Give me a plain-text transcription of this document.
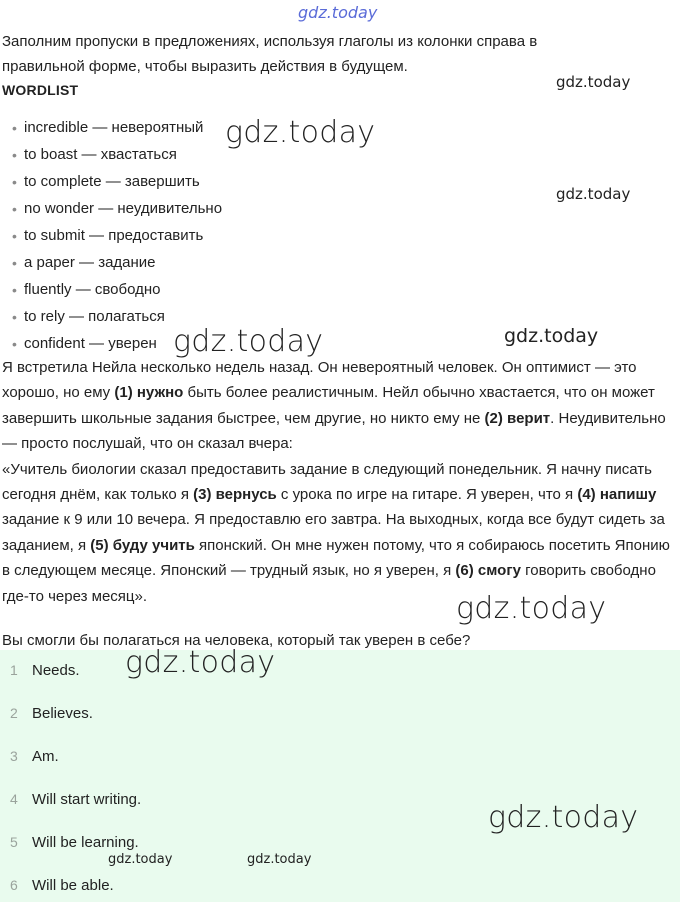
gdz.today
Заполним пропуски в предложениях, используя глаголы из колонки справа в правильной форме, чтобы выразить действия в будущем.
WORDLIST
• incredible — невероятный
• to boast — хвастаться
• to complete — завершить
• no wonder — неудивительно
• to submit — предоставить
• a paper — задание
• fluently — свободно
• to rely — полагаться
• confident — уверен

Я встретила Нейла несколько недель назад. Он невероятный человек. Он оптимист — это хорошо, но ему (1) нужно быть более реалистичным. Нейл обычно хвастается, что он может завершить школьные задания быстрее, чем другие, но никто ему не (2) верит. Неудивительно — просто послушай, что он сказал вчера:

«Учитель биологии сказал предоставить задание в следующий понедельник. Я начну писать сегодня днём, как только я (3) вернусь с урока по игре на гитаре. Я уверен, что я (4) напишу задание к 9 или 10 вечера. Я предоставлю его завтра. На выходных, когда все будут сидеть за заданием, я (5) буду учить японский. Он мне нужен потому, что я собираюсь посетить Японию в следующем месяце. Японский — трудный язык, но я уверен, я (6) смогу говорить свободно где-то через месяц».

Вы смогли бы полагаться на человека, который так уверен в себе?
1 Needs.
2 Believes.
3 Am.
4 Will start writing.
5 Will be learning.
6 Will be able.
gdz.today
gdz.today
gdz.today
gdz.today	gdz.today
gdz.today
gdz.today
gdz.today
gdz.today	gdz.today
